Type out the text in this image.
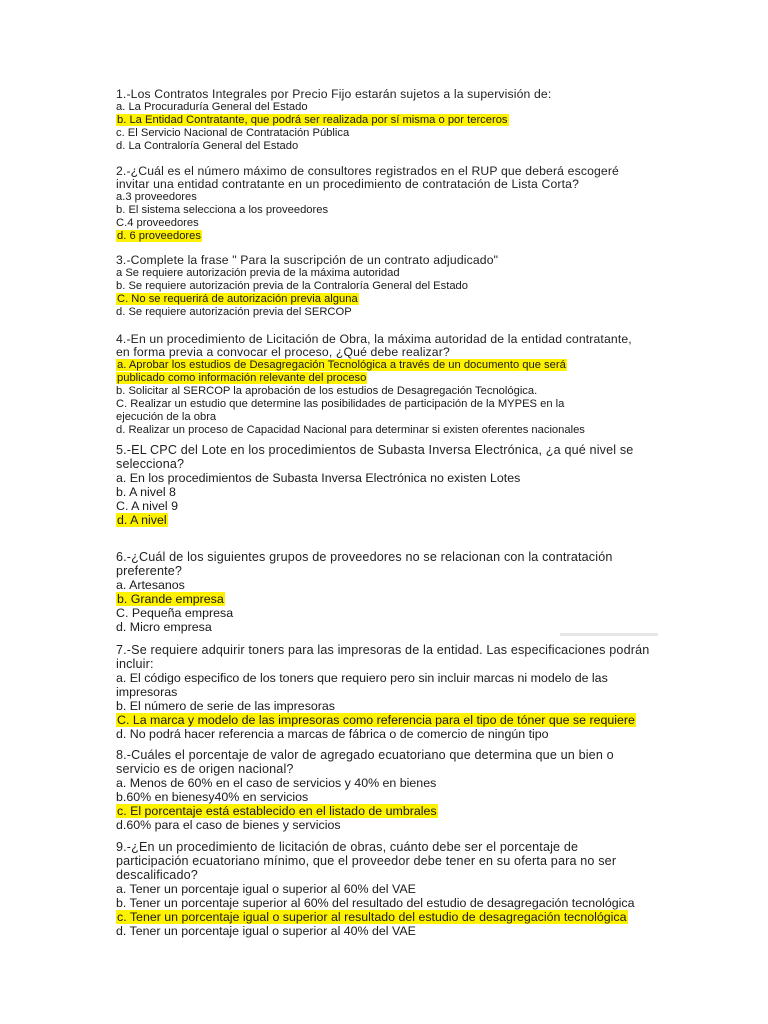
1.-Los Contratos Integrales por Precio Fijo estarán sujetos a la supervisión de:
a. La Procuraduría General del Estado
b. La Entidad Contratante, que podrá ser realizada por sí misma o por terceros
c. El Servicio Nacional de Contratación Pública
d. La Contraloría General del Estado
2.-¿Cuál es el número máximo de consultores registrados en el RUP que deberá escogeré
invitar una entidad contratante en un procedimiento de contratación de Lista Corta?
a.3 proveedores
b. El sistema selecciona a los proveedores
C.4 proveedores
d. 6 proveedores
3.-Complete la frase " Para la suscripción de un contrato adjudicado"
a Se requiere autorización previa de la máxima autoridad
b. Se requiere autorización previa de la Contraloría General del Estado
C. No se requerirá de autorización previa alguna
d. Se requiere autorización previa del SERCOP
4.-En un procedimiento de Licitación de Obra, la máxima autoridad de la entidad contratante,
en forma previa a convocar el proceso, ¿Qué debe realizar?
a. Aprobar los estudios de Desagregación Tecnológica a través de un documento que será
publicado como información relevante del proceso
b. Solicitar al SERCOP la aprobación de los estudios de Desagregación Tecnológica.
C. Realizar un estudio que determine las posibilidades de participación de la MYPES en la
ejecución de la obra
d. Realizar un proceso de Capacidad Nacional para determinar si existen oferentes nacionales
5.-EL CPC del Lote en los procedimientos de Subasta Inversa Electrónica, ¿a qué nivel se
selecciona?
a. En los procedimientos de Subasta Inversa Electrónica no existen Lotes
b. A nivel 8
C. A nivel 9
d. A nivel
6.-¿Cuál de los siguientes grupos de proveedores no se relacionan con la contratación
preferente?
a. Artesanos
b. Grande empresa
C. Pequeña empresa
d. Micro empresa
7.-Se requiere adquirir toners para las impresoras de la entidad. Las especificaciones podrán
incluir:
a. El código especifico de los toners que requiero pero sin incluir marcas ni modelo de las
impresoras
b. El número de serie de las impresoras
C. La marca y modelo de las impresoras como referencia para el tipo de tóner que se requiere
d. No podrá hacer referencia a marcas de fábrica o de comercio de ningún tipo
8.-Cuáles el porcentaje de valor de agregado ecuatoriano que determina que un bien o
servicio es de origen nacional?
a. Menos de 60% en el caso de servicios y 40% en bienes
b.60% en bienesy40% en servicios
c. El porcentaje está establecido en el listado de umbrales
d.60% para el caso de bienes y servicios
9.-¿En un procedimiento de licitación de obras, cuánto debe ser el porcentaje de
participación ecuatoriano mínimo, que el proveedor debe tener en su oferta para no ser
descalificado?
a. Tener un porcentaje igual o superior al 60% del VAE
b. Tener un porcentaje superior al 60% del resultado del estudio de desagregación tecnológica
c. Tener un porcentaje igual o superior al resultado del estudio de desagregación tecnológica
d. Tener un porcentaje igual o superior al 40% del VAE
